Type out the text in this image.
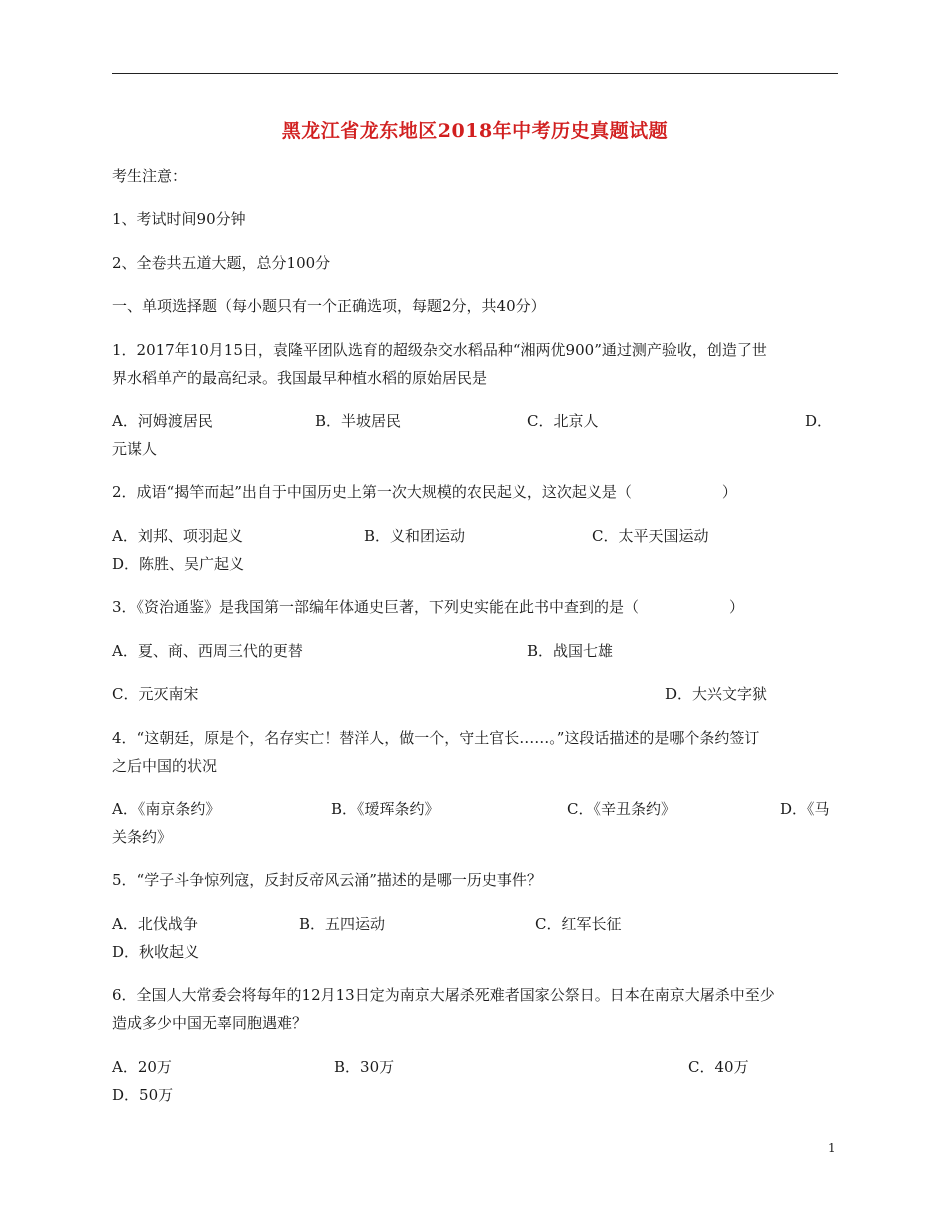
黑龙江省龙东地区2018年中考历史真题试题
考生注意：
1、考试时间90分钟
2、全卷共五道大题，总分100分
一、单项选择题（每小题只有一个正确选项，每题2分，共40分）
1．2017年10月15日，袁隆平团队选育的超级杂交水稻品种“湘两优900”通过测产验收，创造了世
界水稻单产的最高纪录。我国最早种植水稻的原始居民是
A．河姆渡居民	B．半坡居民	C．北京人	D．
元谋人
2．成语“揭竿而起”出自于中国历史上第一次大规模的农民起义，这次起义是（　　　　　　）
A．刘邦、项羽起义	B．义和团运动	C．太平天国运动
D．陈胜、吴广起义
3．《资治通鉴》是我国第一部编年体通史巨著，下列史实能在此书中查到的是（　　　　　　）
A．夏、商、西周三代的更替	B．战国七雄
C．元灭南宋	D．大兴文字狱
4．“这朝廷，原是个，名存实亡！替洋人，做一个，守土官长……。”这段话描述的是哪个条约签订
之后中国的状况
A．《南京条约》	B．《瑷珲条约》	C．《辛丑条约》	D．《马
关条约》
5．“学子斗争惊列寇，反封反帝风云涌”描述的是哪一历史事件？
A．北伐战争	B．五四运动	C．红军长征
D．秋收起义
6．全国人大常委会将每年的12月13日定为南京大屠杀死难者国家公祭日。日本在南京大屠杀中至少
造成多少中国无辜同胞遇难？
A．20万	B．30万	C．40万
D．50万
1
